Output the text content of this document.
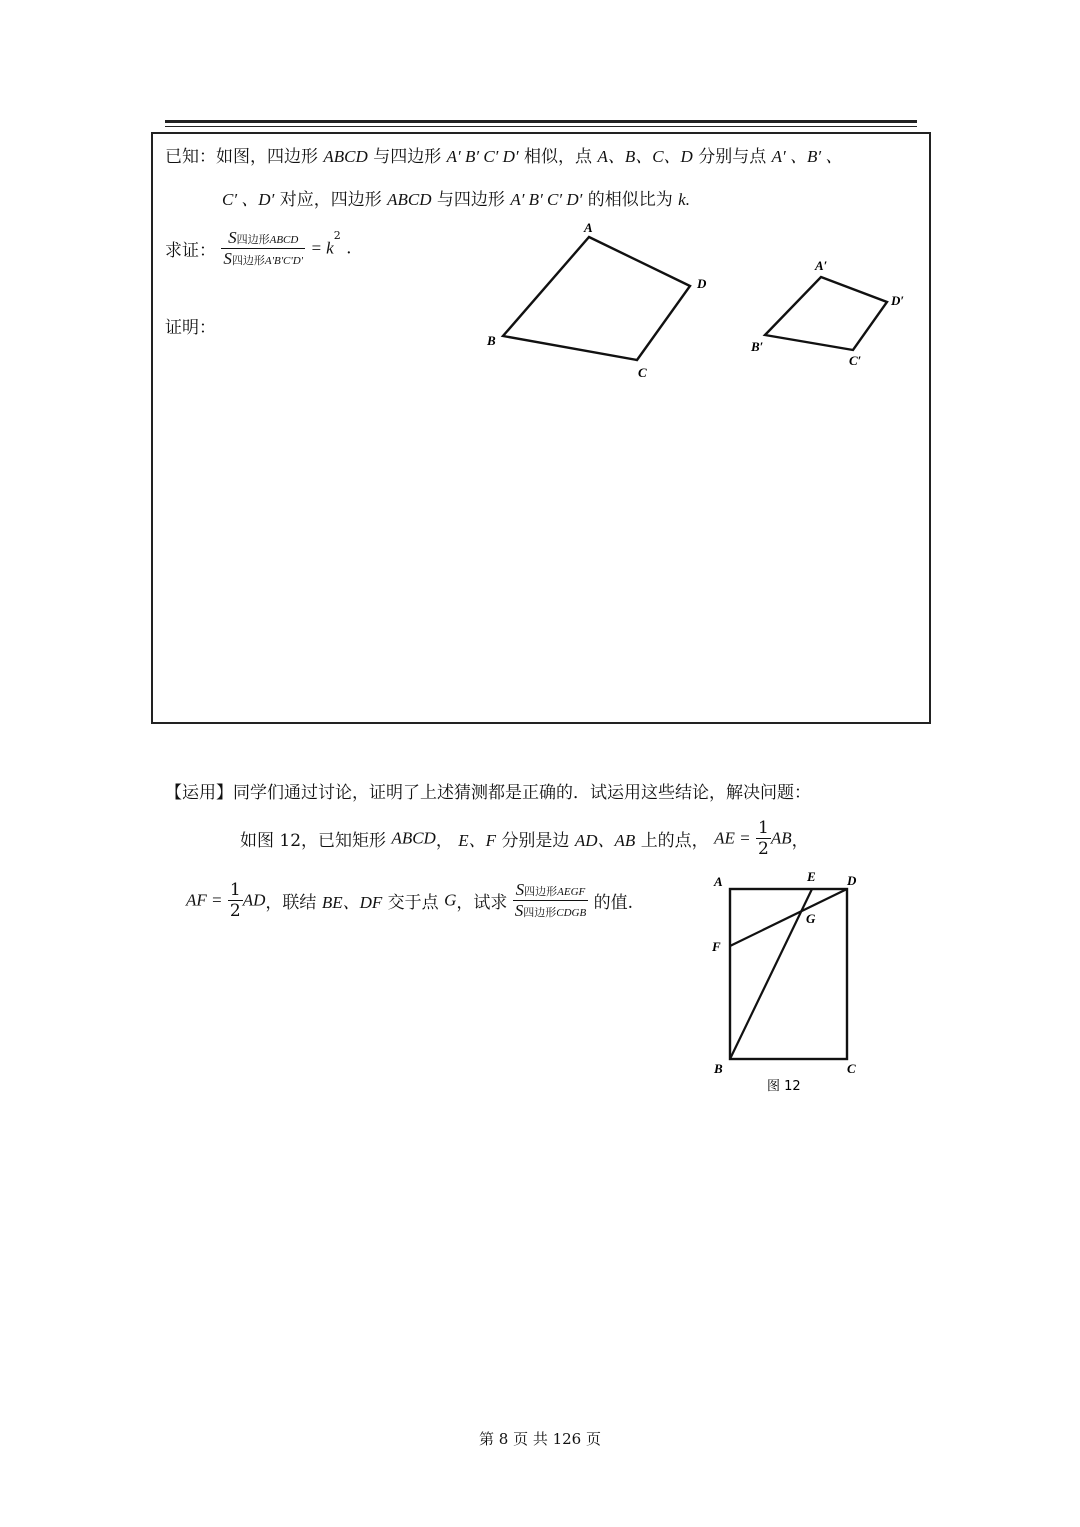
已知：如图，四边形 ABCD 与四边形 A′ B′ C′ D′ 相似，点 A、B、C、D 分别与点 A′ 、B′ 、
C′ 、D′ 对应，四边形 ABCD 与四边形 A′ B′ C′ D′ 的相似比为 k.
求证： $\frac{\text{S四边形ABCD}}{\text{S四边形A'B'C'D'}} = k^2$ .
证明：
A
D
B
C
A′
D′
B′
C′
【运用】同学们通过讨论，证明了上述猜测都是正确的．试运用这些结论，解决问题：
如图 12，已知矩形 ABCD， E、F 分别是边 AD、AB 上的点， AE = $\frac{1}{2}$ AB，
AF = $\frac{1}{2}$ AD，联结 BE、DF 交于点 G，试求 $\frac{\text{S四边形AEGF}}{\text{S四边形CDGB}}$ 的值.
A	E D
G
F
B	C
图 12
第 8 页 共 126 页
